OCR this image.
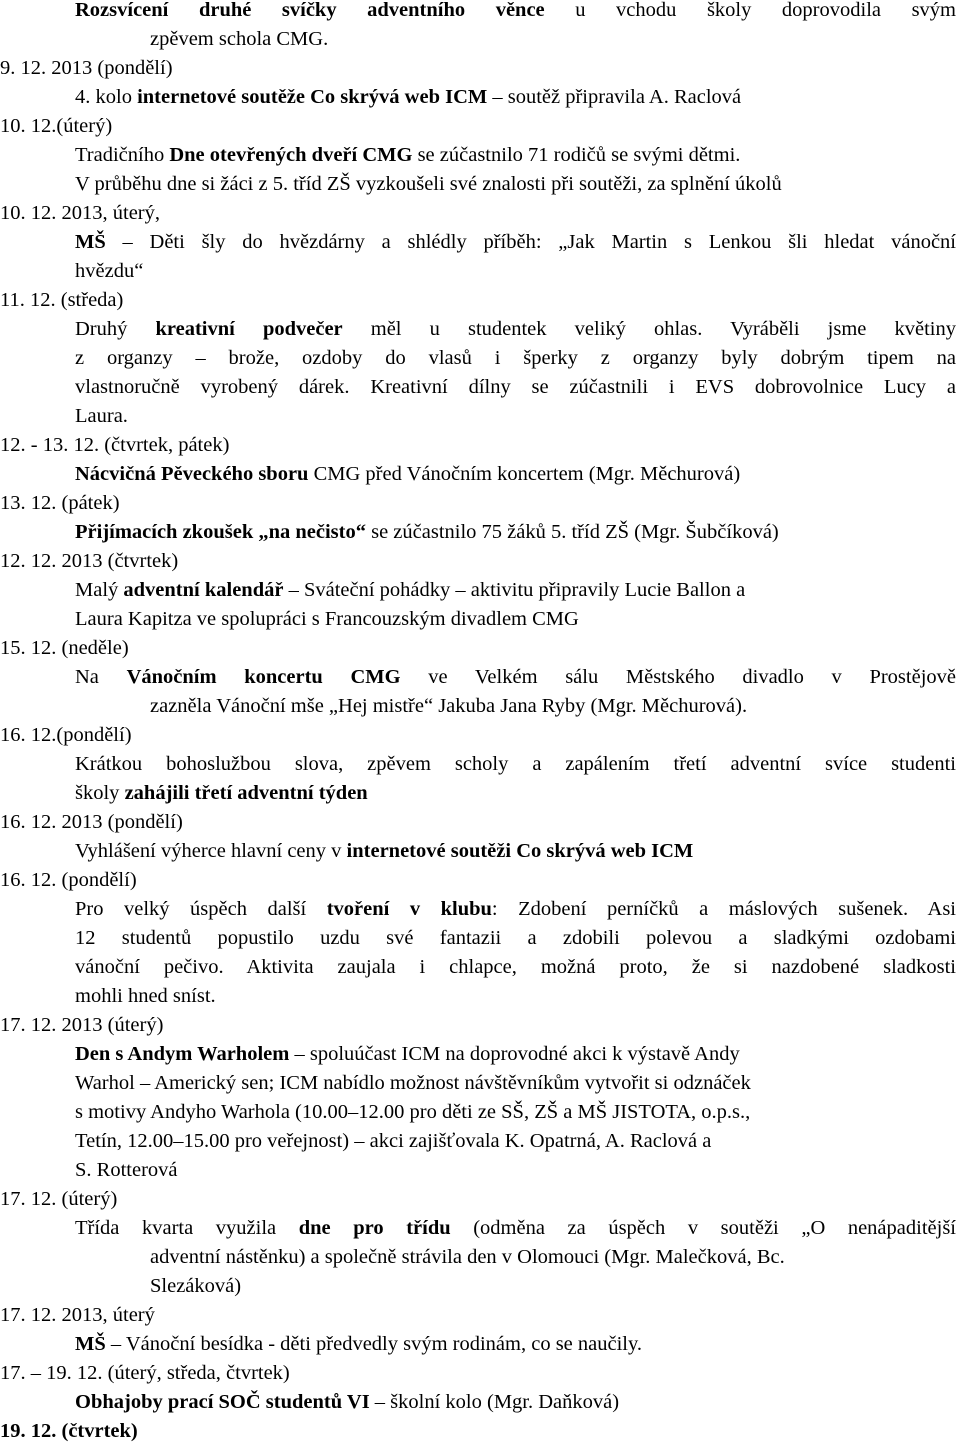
Rozsvícení druhé svíčky adventního věnce u vchodu školy doprovodila svým
zpěvem schola CMG.
9. 12. 2013 (pondělí)
4. kolo internetové soutěže Co skrývá web ICM – soutěž připravila A. Raclová
10. 12.(úterý)
Tradičního Dne otevřených dveří CMG se zúčastnilo 71 rodičů se svými dětmi.
V průběhu dne si žáci z 5. tříd ZŠ vyzkoušeli své znalosti při soutěži, za splnění úkolů
10. 12. 2013, úterý,
MŠ – Děti šly do hvězdárny a shlédly příběh: „Jak Martin s Lenkou šli hledat vánoční
hvězdu“
11. 12. (středa)
Druhý kreativní podvečer měl u studentek veliký ohlas. Vyráběli jsme květiny
z organzy – brože, ozdoby do vlasů i šperky z organzy byly dobrým tipem na
vlastnoručně vyrobený dárek. Kreativní dílny se zúčastnili i EVS dobrovolnice Lucy a
Laura.
12. - 13. 12. (čtvrtek, pátek)
Nácvičná Pěveckého sboru CMG před Vánočním koncertem (Mgr. Měchurová)
13. 12. (pátek)
Přijímacích zkoušek „na nečisto“ se zúčastnilo 75 žáků 5. tříd ZŠ (Mgr. Šubčíková)
12. 12. 2013 (čtvrtek)
Malý adventní kalendář – Sváteční pohádky – aktivitu připravily Lucie Ballon a
Laura Kapitza ve spolupráci s Francouzským divadlem CMG
15. 12. (neděle)
Na Vánočním koncertu CMG ve Velkém sálu Městského divadlo v Prostějově
zazněla Vánoční mše „Hej mistře“ Jakuba Jana Ryby (Mgr. Měchurová).
16. 12.(pondělí)
Krátkou bohoslužbou slova, zpěvem scholy a zapálením třetí adventní svíce studenti
školy zahájili třetí adventní týden
16. 12. 2013 (pondělí)
Vyhlášení výherce hlavní ceny v internetové soutěži Co skrývá web ICM
16. 12. (pondělí)
Pro velký úspěch další tvoření v klubu: Zdobení perníčků a máslových sušenek. Asi
12 studentů popustilo uzdu své fantazii a zdobili polevou a sladkými ozdobami
vánoční pečivo. Aktivita zaujala i chlapce, možná proto, že si nazdobené sladkosti
mohli hned sníst.
17. 12. 2013 (úterý)
Den s Andym Warholem – spoluúčast ICM na doprovodné akci k výstavě Andy
Warhol – Americký sen; ICM nabídlo možnost návštěvníkům vytvořit si odznáček
s motivy Andyho Warhola (10.00–12.00 pro děti ze SŠ, ZŠ a MŠ JISTOTA, o.p.s.,
Tetín, 12.00–15.00 pro veřejnost) – akci zajišťovala K. Opatrná, A. Raclová a
S. Rotterová
17. 12. (úterý)
Třída kvarta využila dne pro třídu (odměna za úspěch v soutěži „O nenápaditější
adventní nástěnku) a společně strávila den v Olomouci (Mgr. Malečková, Bc.
Slezáková)
17. 12. 2013, úterý
MŠ – Vánoční besídka - děti předvedly svým rodinám, co se naučily.
17. – 19. 12. (úterý, středa, čtvrtek)
Obhajoby prací SOČ studentů VI – školní kolo (Mgr. Daňková)
19. 12. (čtvrtek)
